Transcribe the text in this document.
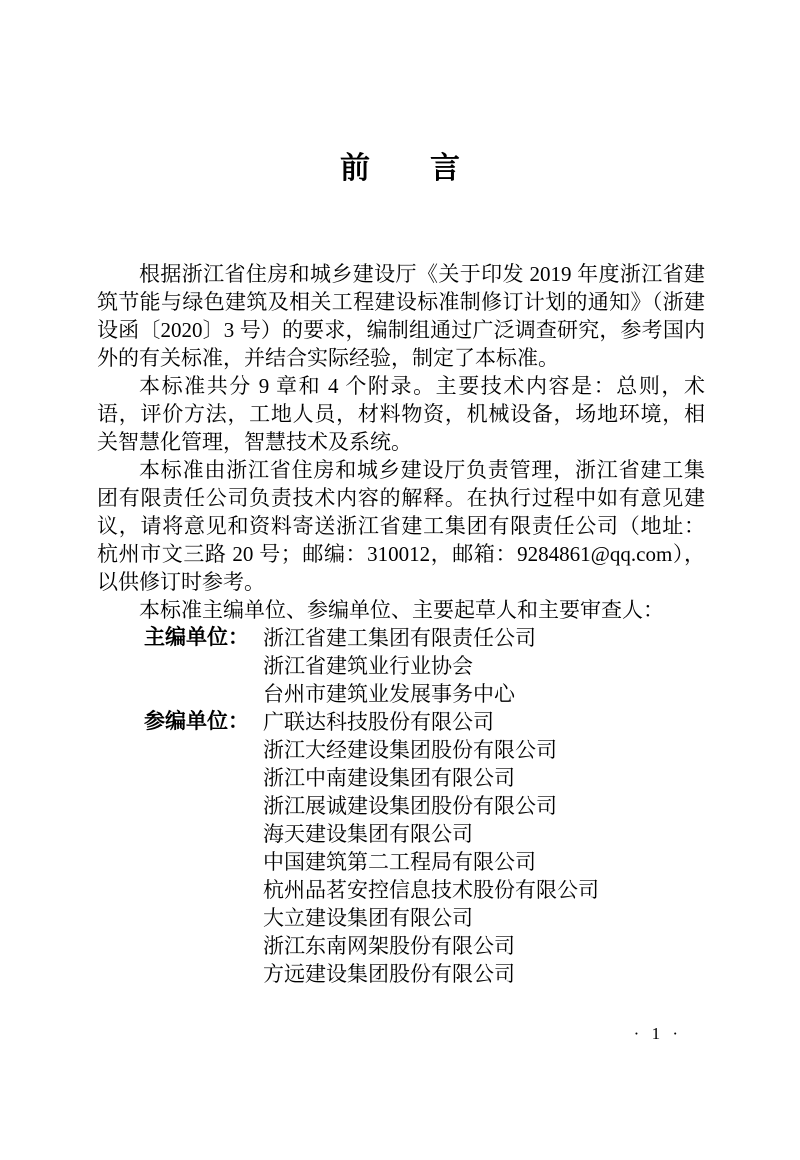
前　　言

根据浙江省住房和城乡建设厅《关于印发 2019 年度浙江省建筑节能与绿色建筑及相关工程建设标准制修订计划的通知》（浙建设函〔2020〕3 号）的要求，编制组通过广泛调查研究，参考国内外的有关标准，并结合实际经验，制定了本标准。

本标准共分 9 章和 4 个附录。主要技术内容是：总则，术语，评价方法，工地人员，材料物资，机械设备，场地环境，相关智慧化管理，智慧技术及系统。

本标准由浙江省住房和城乡建设厅负责管理，浙江省建工集团有限责任公司负责技术内容的解释。在执行过程中如有意见建议，请将意见和资料寄送浙江省建工集团有限责任公司（地址：杭州市文三路 20 号；邮编：310012，邮箱：9284861@qq.com），以供修订时参考。

本标准主编单位、参编单位、主要起草人和主要审查人：

主编单位： 浙江省建工集团有限责任公司
浙江省建筑业行业协会
台州市建筑业发展事务中心
参编单位： 广联达科技股份有限公司
浙江大经建设集团股份有限公司
浙江中南建设集团有限公司
浙江展诚建设集团股份有限公司
海天建设集团有限公司
中国建筑第二工程局有限公司
杭州品茗安控信息技术股份有限公司
大立建设集团有限公司
浙江东南网架股份有限公司
方远建设集团股份有限公司
· 1 ·
